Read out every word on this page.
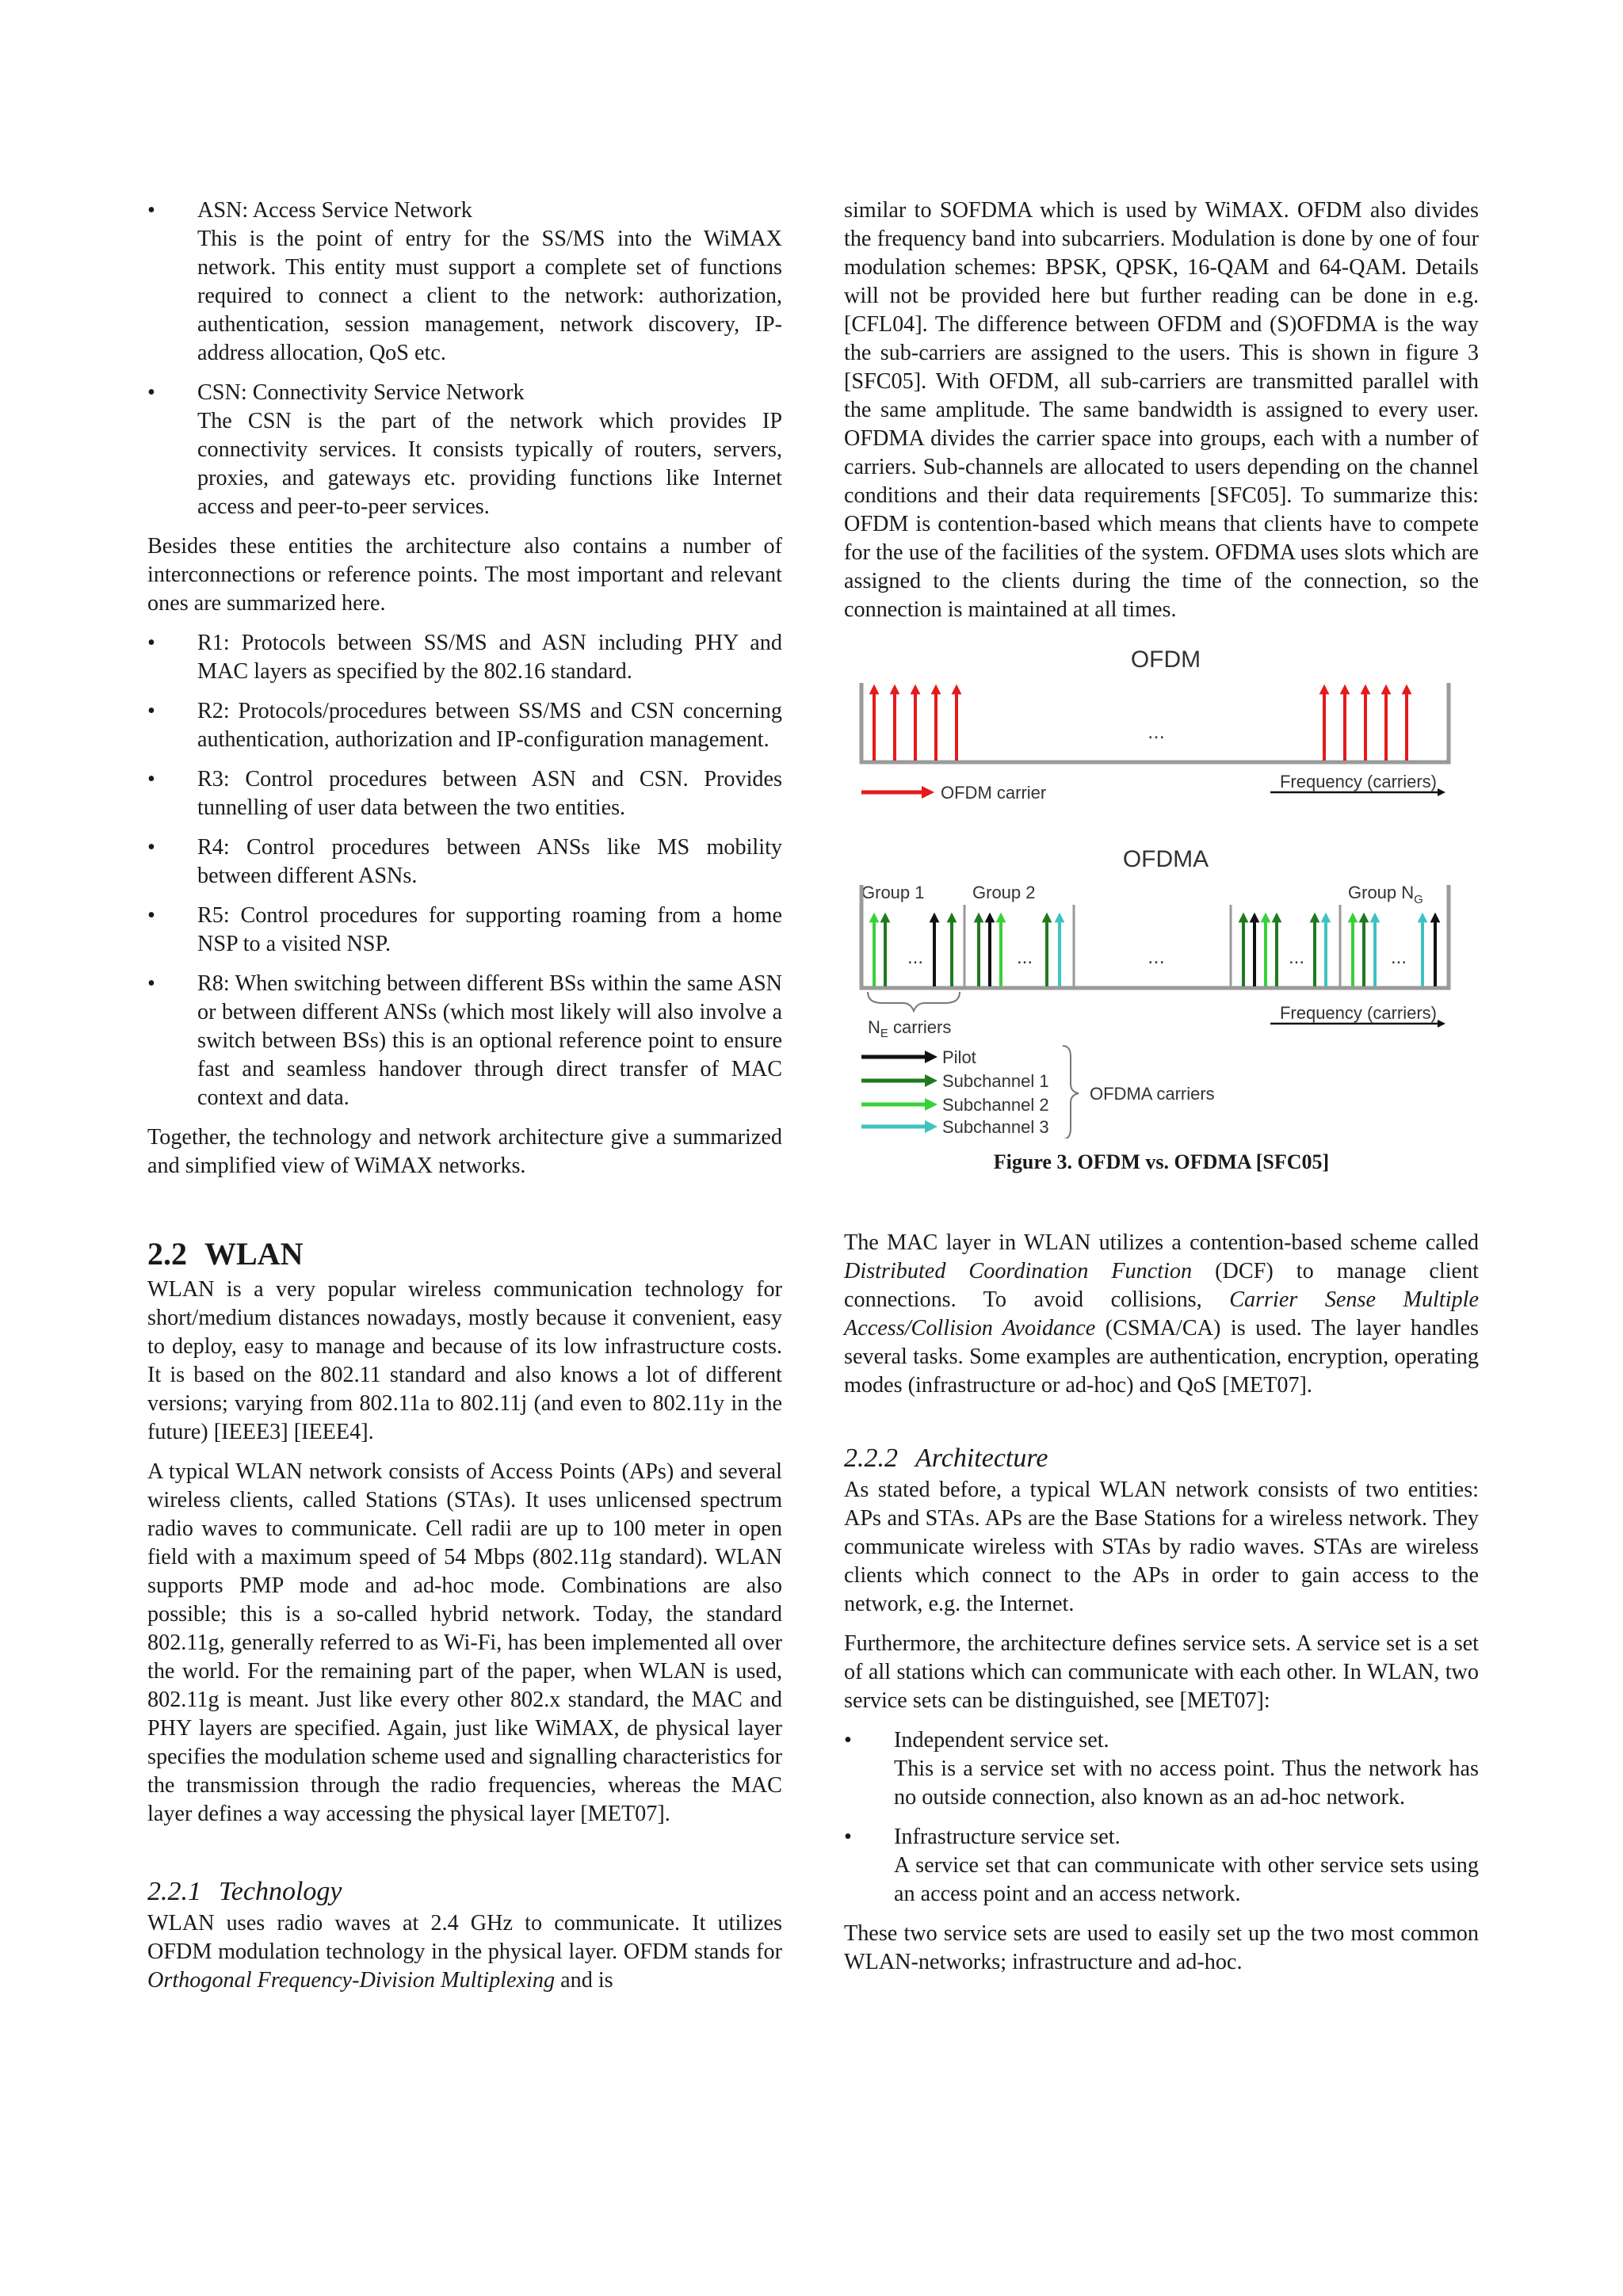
• ASN: Access Service Network
This is the point of entry for the SS/MS into the WiMAX network. This entity must support a complete set of functions required to connect a client to the network: authorization, authentication, session management, network discovery, IP-address allocation, QoS etc.
• CSN: Connectivity Service Network
The CSN is the part of the network which provides IP connectivity services. It consists typically of routers, servers, proxies, and gateways etc. providing functions like Internet access and peer-to-peer services.

Besides these entities the architecture also contains a number of interconnections or reference points. The most important and relevant ones are summarized here.

• R1: Protocols between SS/MS and ASN including PHY and MAC layers as specified by the 802.16 standard.
• R2: Protocols/procedures between SS/MS and CSN concerning authentication, authorization and IP-configuration management.
• R3: Control procedures between ASN and CSN. Provides tunnelling of user data between the two entities.
• R4: Control procedures between ANSs like MS mobility between different ASNs.
• R5: Control procedures for supporting roaming from a home NSP to a visited NSP.
• R8: When switching between different BSs within the same ASN or between different ANSs (which most likely will also involve a switch between BSs) this is an optional reference point to ensure fast and seamless handover through direct transfer of MAC context and data.

Together, the technology and network architecture give a summarized and simplified view of WiMAX networks.

2.2 WLAN

WLAN is a very popular wireless communication technology for short/medium distances nowadays, mostly because it convenient, easy to deploy, easy to manage and because of its low infrastructure costs. It is based on the 802.11 standard and also knows a lot of different versions; varying from 802.11a to 802.11j (and even to 802.11y in the future) [IEEE3] [IEEE4].

A typical WLAN network consists of Access Points (APs) and several wireless clients, called Stations (STAs). It uses unlicensed spectrum radio waves to communicate. Cell radii are up to 100 meter in open field with a maximum speed of 54 Mbps (802.11g standard). WLAN supports PMP mode and ad-hoc mode. Combinations are also possible; this is a so-called hybrid network. Today, the standard 802.11g, generally referred to as Wi-Fi, has been implemented all over the world. For the remaining part of the paper, when WLAN is used, 802.11g is meant. Just like every other 802.x standard, the MAC and PHY layers are specified. Again, just like WiMAX, de physical layer specifies the modulation scheme used and signalling characteristics for the transmission through the radio frequencies, whereas the MAC layer defines a way accessing the physical layer [MET07].

2.2.1 Technology

WLAN uses radio waves at 2.4 GHz to communicate. It utilizes OFDM modulation technology in the physical layer. OFDM stands for Orthogonal Frequency-Division Multiplexing and is

similar to SOFDMA which is used by WiMAX. OFDM also divides the frequency band into subcarriers. Modulation is done by one of four modulation schemes: BPSK, QPSK, 16-QAM and 64-QAM. Details will not be provided here but further reading can be done in e.g. [CFL04]. The difference between OFDM and (S)OFDMA is the way the sub-carriers are assigned to the users. This is shown in figure 3 [SFC05]. With OFDM, all sub-carriers are transmitted parallel with the same amplitude. The same bandwidth is assigned to every user. OFDMA divides the carrier space into groups, each with a number of carriers. Sub-channels are allocated to users depending on the channel conditions and their data requirements [SFC05]. To summarize this: OFDM is contention-based which means that clients have to compete for the use of the facilities of the system. OFDMA uses slots which are assigned to the clients during the time of the connection, so the connection is maintained at all times.

OFDM
...
OFDM carrier
Frequency (carriers)
OFDMA
Group 1	Group 2	Group $N_G$
...	...	...	...	...
$N_E$ carriers
Frequency (carriers)
Pilot
Subchannel 1
Subchannel 2
Subchannel 3
OFDMA carriers
Figure 3. OFDM vs. OFDMA [SFC05]

The MAC layer in WLAN utilizes a contention-based scheme called Distributed Coordination Function (DCF) to manage client connections. To avoid collisions, Carrier Sense Multiple Access/Collision Avoidance (CSMA/CA) is used. The layer handles several tasks. Some examples are authentication, encryption, operating modes (infrastructure or ad-hoc) and QoS [MET07].

2.2.2 Architecture

As stated before, a typical WLAN network consists of two entities: APs and STAs. APs are the Base Stations for a wireless network. They communicate wireless with STAs by radio waves. STAs are wireless clients which connect to the APs in order to gain access to the network, e.g. the Internet.

Furthermore, the architecture defines service sets. A service set is a set of all stations which can communicate with each other. In WLAN, two service sets can be distinguished, see [MET07]:

• Independent service set.
This is a service set with no access point. Thus the network has no outside connection, also known as an ad-hoc network.
• Infrastructure service set.
A service set that can communicate with other service sets using an access point and an access network.

These two service sets are used to easily set up the two most common WLAN-networks; infrastructure and ad-hoc.
